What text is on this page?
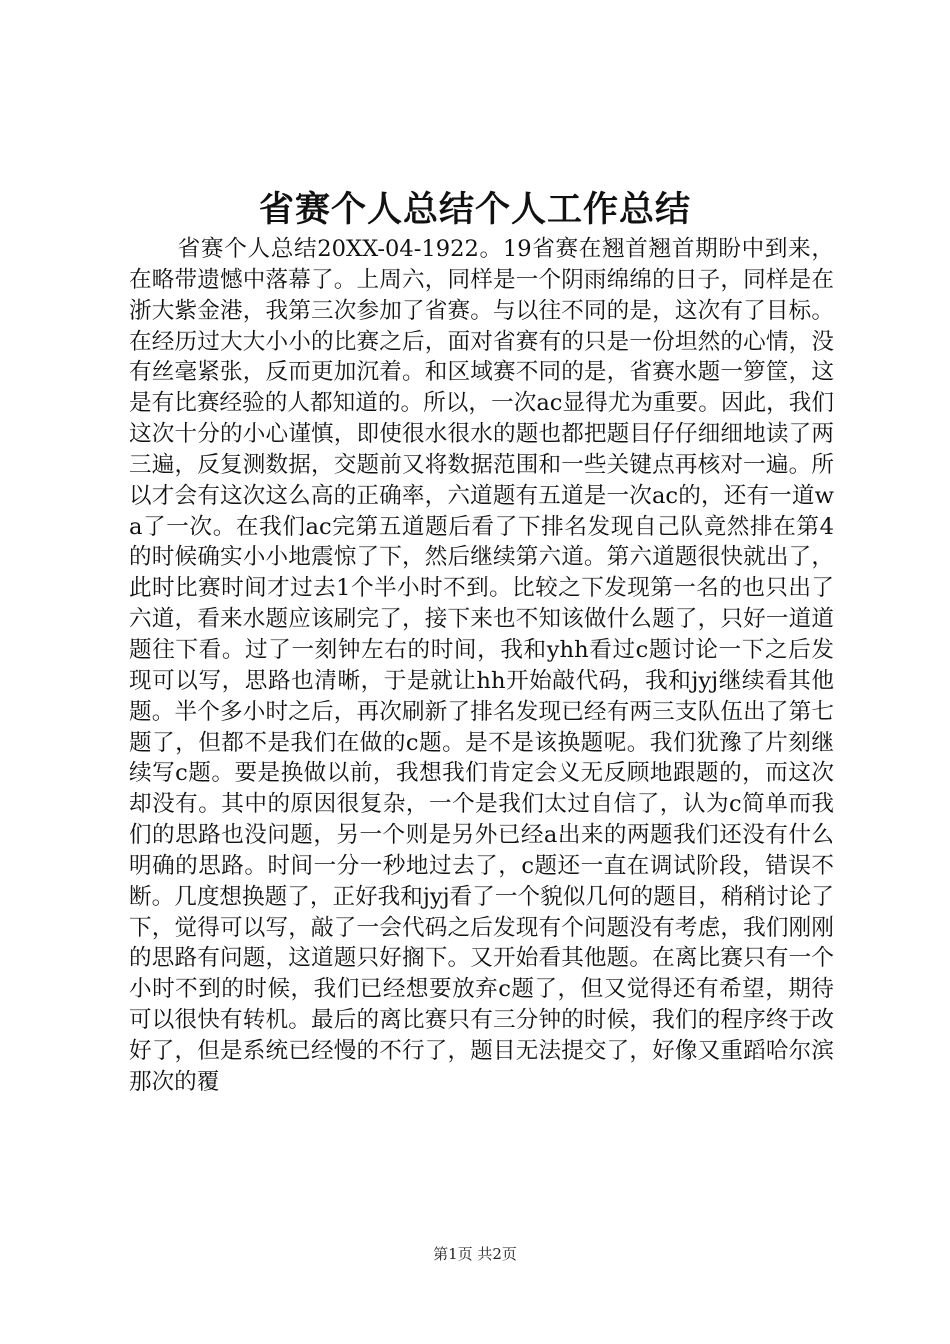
省赛个人总结个人工作总结

省赛个人总结20XX-04-1922。19省赛在翘首翘首期盼中到来，在略带遗憾中落幕了。上周六，同样是一个阴雨绵绵的日子，同样是在浙大紫金港，我第三次参加了省赛。与以往不同的是，这次有了目标。在经历过大大小小的比赛之后，面对省赛有的只是一份坦然的心情，没有丝毫紧张，反而更加沉着。和区域赛不同的是，省赛水题一箩筐，这是有比赛经验的人都知道的。所以，一次ac显得尤为重要。因此，我们这次十分的小心谨慎，即使很水很水的题也都把题目仔仔细细地读了两三遍，反复测数据，交题前又将数据范围和一些关键点再核对一遍。所以才会有这次这么高的正确率，六道题有五道是一次ac的，还有一道wa了一次。在我们ac完第五道题后看了下排名发现自己队竟然排在第4的时候确实小小地震惊了下，然后继续第六道。第六道题很快就出了，此时比赛时间才过去1个半小时不到。比较之下发现第一名的也只出了六道，看来水题应该刷完了，接下来也不知该做什么题了，只好一道道题往下看。过了一刻钟左右的时间，我和yhh看过c题讨论一下之后发现可以写，思路也清晰，于是就让hh开始敲代码，我和jyj继续看其他题。半个多小时之后，再次刷新了排名发现已经有两三支队伍出了第七题了，但都不是我们在做的c题。是不是该换题呢。我们犹豫了片刻继续写c题。要是换做以前，我想我们肯定会义无反顾地跟题的，而这次却没有。其中的原因很复杂，一个是我们太过自信了，认为c简单而我们的思路也没问题，另一个则是另外已经a出来的两题我们还没有什么明确的思路。时间一分一秒地过去了，c题还一直在调试阶段，错误不断。几度想换题了，正好我和jyj看了一个貌似几何的题目，稍稍讨论了下，觉得可以写，敲了一会代码之后发现有个问题没有考虑，我们刚刚的思路有问题，这道题只好搁下。又开始看其他题。在离比赛只有一个小时不到的时候，我们已经想要放弃c题了，但又觉得还有希望，期待可以很快有转机。最后的离比赛只有三分钟的时候，我们的程序终于改好了，但是系统已经慢的不行了，题目无法提交了，好像又重蹈哈尔滨那次的覆

第1页 共2页
